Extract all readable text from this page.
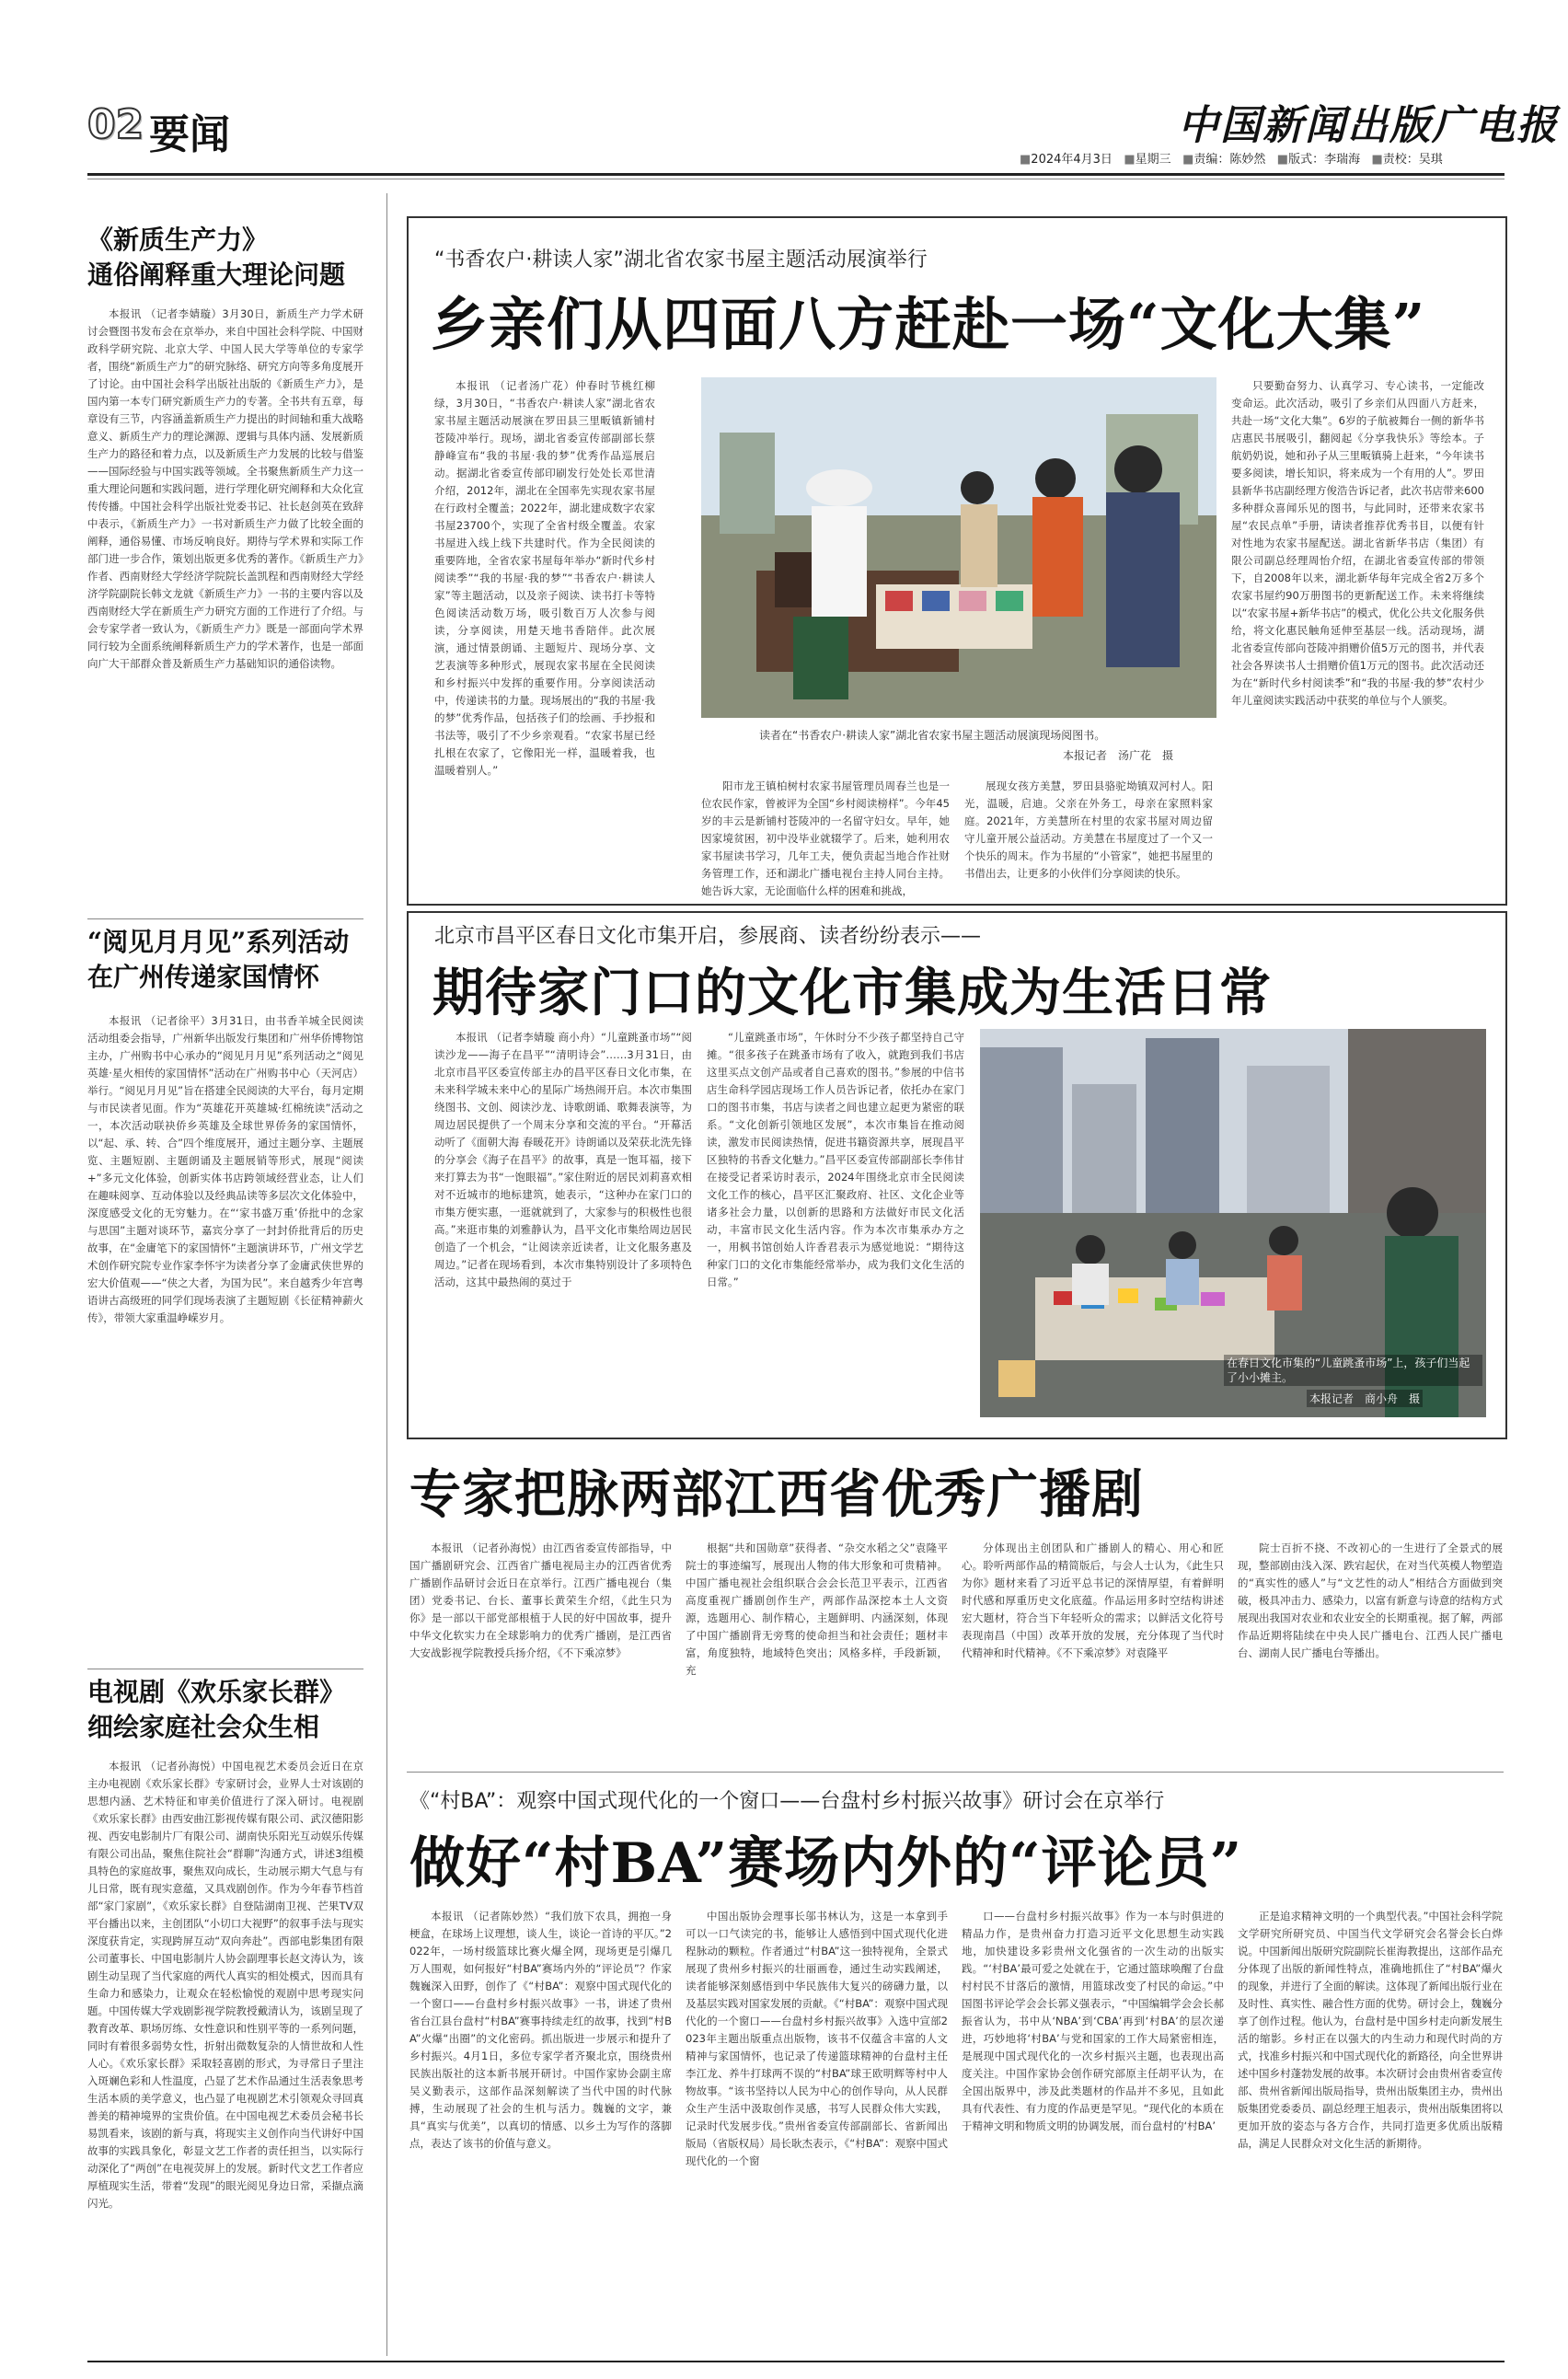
02 要闻	中国新闻出版广电报
■2024年4月3日 ■星期三 ■责编：陈妙然 ■版式：李瑞海 ■责校：吴琪
《新质生产力》
通俗阐释重大理论问题
本报讯 （记者李婧璇）3月30日，新质生产力学术研讨会暨图书发布会在京举办，来自中国社会科学院、中国财政科学研究院、北京大学、中国人民大学等单位的专家学者，围绕“新质生产力”的研究脉络、研究方向等多角度展开了讨论。由中国社会科学出版社出版的《新质生产力》，是国内第一本专门研究新质生产力的专著。全书共有五章，每章设有三节，内容涵盖新质生产力提出的时间轴和重大战略意义、新质生产力的理论渊源、逻辑与具体内涵、发展新质生产力的路径和着力点，以及新质生产力发展的比较与借鉴——国际经验与中国实践等领域。全书聚焦新质生产力这一重大理论问题和实践问题，进行学理化研究阐释和大众化宣传传播。中国社会科学出版社党委书记、社长赵剑英在致辞中表示，《新质生产力》一书对新质生产力做了比较全面的阐释，通俗易懂、市场反响良好。期待与学术界和实际工作部门进一步合作，策划出版更多优秀的著作。《新质生产力》作者、西南财经大学经济学院院长盖凯程和西南财经大学经济学院副院长韩文龙就《新质生产力》一书的主要内容以及西南财经大学在新质生产力研究方面的工作进行了介绍。与会专家学者一致认为，《新质生产力》既是一部面向学术界同行较为全面系统阐释新质生产力的学术著作，也是一部面向广大干部群众普及新质生产力基础知识的通俗读物。
“阅见月月见”系列活动
在广州传递家国情怀
本报讯 （记者徐平）3月31日，由书香羊城全民阅读活动组委会指导，广州新华出版发行集团和广州华侨博物馆主办，广州购书中心承办的“阅见月月见”系列活动之“阅见英雄·星火相传的家国情怀”活动在广州购书中心（天河店）举行。“阅见月月见”旨在搭建全民阅读的大平台，每月定期与市民读者见面。作为“英雄花开英雄城·红棉统读”活动之一，本次活动联袂侨乡英雄及全球世界侨务的家国情怀，以“起、承、转、合”四个维度展开，通过主题分享、主题展览、主题短剧、主题朗诵及主题展销等形式，展现“阅读+”多元文化体验，创新实体书店跨领域经营业态，让人们在趣味阅享、互动体验以及经典品读等多层次文化体验中，深度感受文化的无穷魅力。在“‘家书盛万重’侨批中的念家与思国”主题对谈环节，嘉宾分享了一封封侨批背后的历史故事，在“金庸笔下的家国情怀”主题演讲环节，广州文学艺术创作研究院专业作家李怀宇为读者分享了金庸武侠世界的宏大价值观——“侠之大者，为国为民”。来自越秀少年宫粤语讲古高级班的同学们现场表演了主题短剧《长征精神薪火传》，带领大家重温峥嵘岁月。
电视剧《欢乐家长群》
细绘家庭社会众生相
本报讯 （记者孙海悦）中国电视艺术委员会近日在京主办电视剧《欢乐家长群》专家研讨会，业界人士对该剧的思想内涵、艺术特征和审美价值进行了深入研讨。电视剧《欢乐家长群》由西安曲江影视传媒有限公司、武汉德阳影视、西安电影制片厂有限公司、湖南快乐阳光互动娱乐传媒有限公司出品，聚焦住院社会“群聊”沟通方式，讲述3组模具特色的家庭故事，聚焦双向成长，生动展示期大气息与有儿日常，既有现实意蕴，又具戏剧创作。作为今年春节档首部“家门家剧”，《欢乐家长群》自登陆湖南卫视、芒果TV双平台播出以来，主创团队“小切口大视野”的叙事手法与现实深度获肯定，实现跨屏互动“双向奔赴”。西部电影集团有限公司董事长、中国电影制片人协会副理事长赵文涛认为，该剧生动呈现了当代家庭的两代人真实的相处模式，因而具有生命力和感染力，让观众在轻松愉悦的观剧中思考现实问题。中国传媒大学戏剧影视学院教授戴清认为，该剧呈现了教育改革、职场厉练、女性意识和性别平等的一系列问题，同时有着很多弱势女性，折射出微数复杂的人情世故和人性人心。《欢乐家长群》采取轻喜剧的形式，为寻常日子里注入斑斓色彩和人性温度，凸显了艺术作品通过生活表象思考生活本质的美学意义，也凸显了电视剧艺术引领观众寻回真善美的精神境界的宝贵价值。在中国电视艺术委员会秘书长易凯看来，该剧的新与真，将现实主义创作向当代讲好中国故事的实践具象化，彰显文艺工作者的责任担当，以实际行动深化了“两创”在电视荧屏上的发展。新时代文艺工作者应厚植现实生活，带着“发现”的眼光阅见身边日常，采撷点滴闪光。
“书香农户·耕读人家”湖北省农家书屋主题活动展演举行
乡亲们从四面八方赶赴一场“文化大集”
本报讯 （记者汤广花）仲春时节桃红柳绿，3月30日，“书香农户·耕读人家”湖北省农家书屋主题活动展演在罗田县三里畈镇新铺村苍陵冲举行。现场，湖北省委宣传部副部长蔡静峰宣布“我的书屋·我的梦”优秀作品巡展启动。据湖北省委宣传部印刷发行处处长邓世清介绍，2012年，湖北在全国率先实现农家书屋在行政村全覆盖；2022年，湖北建成数字农家书屋23700个，实现了全省村级全覆盖。农家书屋进入线上线下共建时代。作为全民阅读的重要阵地，全省农家书屋每年举办“新时代乡村阅读季”“我的书屋·我的梦”“书香农户·耕读人家”等主题活动，以及亲子阅读、读书打卡等特色阅读活动数万场，吸引数百万人次参与阅读，分享阅读，用楚天地书香陪伴。此次展演，通过情景朗诵、主题短片、现场分享、文艺表演等多种形式，展现农家书屋在全民阅读和乡村振兴中发挥的重要作用。分享阅读活动中，传递读书的力量。现场展出的“我的书屋·我的梦”优秀作品，包括孩子们的绘画、手抄报和书法等，吸引了不少乡亲观看。“农家书屋已经扎根在农家了，它像阳光一样，温暖着我，也温暖着别人。”
读者在“书香农户·耕读人家”湖北省农家书屋主题活动展演现场阅图书。
本报记者　汤广花　摄
阳市龙王镇柏树村农家书屋管理员周春兰也是一位农民作家，曾被评为全国“乡村阅读榜样”。今年45岁的丰云是新铺村苍陵冲的一名留守妇女。早年，她因家境贫困，初中没毕业就辍学了。后来，她利用农家书屋读书学习，几年工夫，便负责起当地合作社财务管理工作，还和湖北广播电视台主持人同台主持。她告诉大家，无论面临什么样的困难和挑战，
展现女孩方美慧，罗田县骆驼坳镇双河村人。阳光，温暖，启迪。父亲在外务工，母亲在家照料家庭。2021年，方美慧所在村里的农家书屋对周边留守儿童开展公益活动。方美慧在书屋度过了一个又一个快乐的周末。作为书屋的“小管家”，她把书屋里的书借出去，让更多的小伙伴们分享阅读的快乐。
只要勤奋努力、认真学习、专心读书，一定能改变命运。此次活动，吸引了乡亲们从四面八方赶来，共赴一场“文化大集”。6岁的子航被舞台一侧的新华书店惠民书展吸引，翻阅起《分享我快乐》等绘本。子航奶奶说，她和孙子从三里畈镇骑上赶来，“今年读书要多阅读，增长知识，将来成为一个有用的人”。罗田县新华书店副经理方俊浩告诉记者，此次书店带来600多种群众喜闻乐见的图书，与此同时，还带来农家书屋“农民点单”手册，请读者推荐优秀书目，以便有针对性地为农家书屋配送。湖北省新华书店（集团）有限公司副总经理周怡介绍，在湖北省委宣传部的带领下，自2008年以来，湖北新华每年完成全省2万多个农家书屋约90万册图书的更新配送工作。未来将继续以“农家书屋+新华书店”的模式，优化公共文化服务供给，将文化惠民触角延伸至基层一线。活动现场，湖北省委宣传部向苍陵冲捐赠价值5万元的图书，并代表社会各界读书人士捐赠价值1万元的图书。此次活动还为在“新时代乡村阅读季”和“我的书屋·我的梦”农村少年儿童阅读实践活动中获奖的单位与个人颁奖。
北京市昌平区春日文化市集开启，参展商、读者纷纷表示——
期待家门口的文化市集成为生活日常
本报讯 （记者李婧璇 商小舟）“儿童跳蚤市场”“阅读沙龙——海子在昌平”“清明诗会”……3月31日，由北京市昌平区委宣传部主办的昌平区春日文化市集，在未来科学城未来中心的星际广场热闹开启。本次市集围绕图书、文创、阅读沙龙、诗歌朗诵、歌舞表演等，为周边居民提供了一个周末分享和交流的平台。“开幕活动听了《面朝大海 春暖花开》诗朗诵以及荣获北洗先锋的分享会《海子在昌平》的故事，真是一饱耳福，接下来打算去为书“一饱眼福”。”家住附近的居民刘莉喜欢相对不近城市的地标建筑，她表示，“这种办在家门口的市集方便实惠，一逛就就到了，大家参与的积极性也很高。”来逛市集的刘雅静认为，昌平文化市集给周边居民创造了一个机会，“让阅读亲近读者，让文化服务惠及周边。”记者在现场看到，本次市集特别设计了多项特色活动，这其中最热闹的莫过于
“儿童跳蚤市场”，午休时分不少孩子都坚持自己守摊。“很多孩子在跳蚤市场有了收入，就跑到我们书店这里买点文创产品或者自己喜欢的图书。”参展的中信书店生命科学园店现场工作人员告诉记者，依托办在家门口的图书市集，书店与读者之间也建立起更为紧密的联系。“文化创新引领地区发展”，本次市集旨在推动阅读，激发市民阅读热情，促进书籍资源共享，展现昌平区独特的书香文化魅力。”昌平区委宣传部副部长李伟甘在接受记者采访时表示，2024年围绕北京市全民阅读文化工作的核心，昌平区汇聚政府、社区、文化企业等诸多社会力量，以创新的思路和方法做好市民文化活动，丰富市民文化生活内容。作为本次市集承办方之一，用枫书馆创始人许香君表示为感觉地说：“期待这种家门口的文化市集能经常举办，成为我们文化生活的日常。”
在春日文化市集的“儿童跳蚤市场”上，孩子们当起了小小摊主。
本报记者　商小舟　摄
专家把脉两部江西省优秀广播剧
本报讯 （记者孙海悦）由江西省委宣传部指导，中国广播剧研究会、江西省广播电视局主办的江西省优秀广播剧作品研讨会近日在京举行。江西广播电视台（集团）党委书记、台长、董事长黄荣生介绍，《此生只为你》是一部以干部党部根植于人民的好中国故事，提升中华文化软实力在全球影响力的优秀广播剧，是江西省大安战影视学院教授兵扬介绍，《不下乘凉梦》
根据“共和国勋章”获得者、“杂交水稻之父”袁隆平院士的事迹编写，展现出人物的伟大形象和可贵精神。中国广播电视社会组织联合会会长范卫平表示，江西省高度重视广播剧创作生产，两部作品深挖本土人文资源，选题用心、制作精心，主题鲜明、内涵深刻，体现了中国广播剧背无旁骛的使命担当和社会责任；题材丰富，角度独特，地域特色突出；风格多样，手段新颖，充
分体现出主创团队和广播剧人的精心、用心和匠心。聆听两部作品的精简版后，与会人士认为，《此生只为你》题材来看了习近平总书记的深情厚望，有着鲜明时代感和厚重历史文化底蕴。作品运用多时空结构讲述宏大题材，符合当下年轻听众的需求；以鲜活文化符号表现南昌（中国）改革开放的发展，充分体现了当代时代精神和时代精神。《不下乘凉梦》对袁隆平
院士百折不挠、不改初心的一生进行了全景式的展现，整部剧由浅入深、跌宕起伏，在对当代英模人物塑造的“真实性的感人”与“文艺性的动人”相结合方面做到突破，极具冲击力、感染力，以富有新意与诗意的结构方式展现出我国对农业和农业安全的长期重视。据了解，两部作品近期将陆续在中央人民广播电台、江西人民广播电台、湖南人民广播电台等播出。
《“村BA”：观察中国式现代化的一个窗口——台盘村乡村振兴故事》研讨会在京举行
做好“村BA”赛场内外的“评论员”
本报讯 （记者陈妙然）“我们放下农具，拥抱一身梗盒，在球场上议理想，谈人生，谈论一首诗的平仄。”2022年，一场村级篮球比赛火爆全网，现场更是引爆几万人围观，如何报好“村BA”赛场内外的“评论员”？作家魏巍深入田野，创作了《“村BA”：观察中国式现代化的一个窗口——台盘村乡村振兴故事》一书，讲述了贵州省台江县台盘村“村BA”赛事持续走红的故事，找到“村BA”火爆“出圈”的文化密码。抓出版进一步展示和提升了乡村振兴。4月1日，多位专家学者齐聚北京，围绕贵州民族出版社的这本新书展开研讨。中国作家协会副主席吴义勤表示，这部作品深刻解读了当代中国的时代脉搏，生动展现了社会的生机与活力。魏巍的文字，兼具“真实与优美”，以真切的情感、以乡土为写作的落脚点，表达了该书的价值与意义。
中国出版协会理事长邬书林认为，这是一本拿到手可以一口气读完的书，能够让人感悟到中国式现代化进程脉动的颗粒。作者通过“村BA”这一独特视角，全景式展现了贵州乡村振兴的壮丽画卷，通过生动实践阐述，读者能够深刻感悟到中华民族伟大复兴的磅礴力量，以及基层实践对国家发展的贡献。《“村BA”：观察中国式现代化的一个窗口——台盘村乡村振兴故事》入选中宣部2023年主题出版重点出版物，该书不仅蕴含丰富的人文精神与家国情怀，也记录了传递篮球精神的台盘村主任李江龙、养牛打球两不误的“村BA”球王欧明辉等村中人物故事。“该书坚持以人民为中心的创作导向，从人民群众生产生活中汲取创作灵感，书写人民群众伟大实践，记录时代发展步伐。”贵州省委宣传部副部长、省新闻出版局（省版权局）局长耿杰表示，《“村BA”：观察中国式现代化的一个窗
口——台盘村乡村振兴故事》作为一本与时俱进的精品力作，是贵州奋力打造习近平文化思想生动实践地，加快建设多彩贵州文化强省的一次生动的出版实践。“‘村BA’最可爱之处就在于，它通过篮球唤醒了台盘村村民不甘落后的激情，用篮球改变了村民的命运。”中国图书评论学会会长郭义强表示，“中国编辑学会会长郝振省认为，书中从‘NBA’到‘CBA’再到‘村BA’的层次递进，巧妙地将‘村BA’与党和国家的工作大局紧密相连，是展现中国式现代化的一次乡村振兴主题，也表现出高度关注。中国作家协会创作研究部原主任胡平认为，在全国出版界中，涉及此类题材的作品并不多见，且如此具有代表性、有力度的作品更是罕见。“现代化的本质在于精神文明和物质文明的协调发展，而台盘村的‘村BA’
正是追求精神文明的一个典型代表。”中国社会科学院文学研究所研究员、中国当代文学研究会名誉会长白烨说。中国新闻出版研究院副院长崔海教提出，这部作品充分体现了出版的新闻性特点，准确地抓住了“村BA”爆火的现象，并进行了全面的解读。这体现了新闻出版行业在及时性、真实性、融合性方面的优势。研讨会上，魏巍分享了创作过程。他认为，台盘村是中国乡村走向新发展生活的缩影。乡村正在以强大的内生动力和现代时尚的方式，找准乡村振兴和中国式现代化的新路径，向全世界讲述中国乡村蓬勃发展的故事。本次研讨会由贵州省委宣传部、贵州省新闻出版局指导，贵州出版集团主办，贵州出版集团党委委员、副总经理王旭表示，贵州出版集团将以更加开放的姿态与各方合作，共同打造更多优质出版精品，满足人民群众对文化生活的新期待。
